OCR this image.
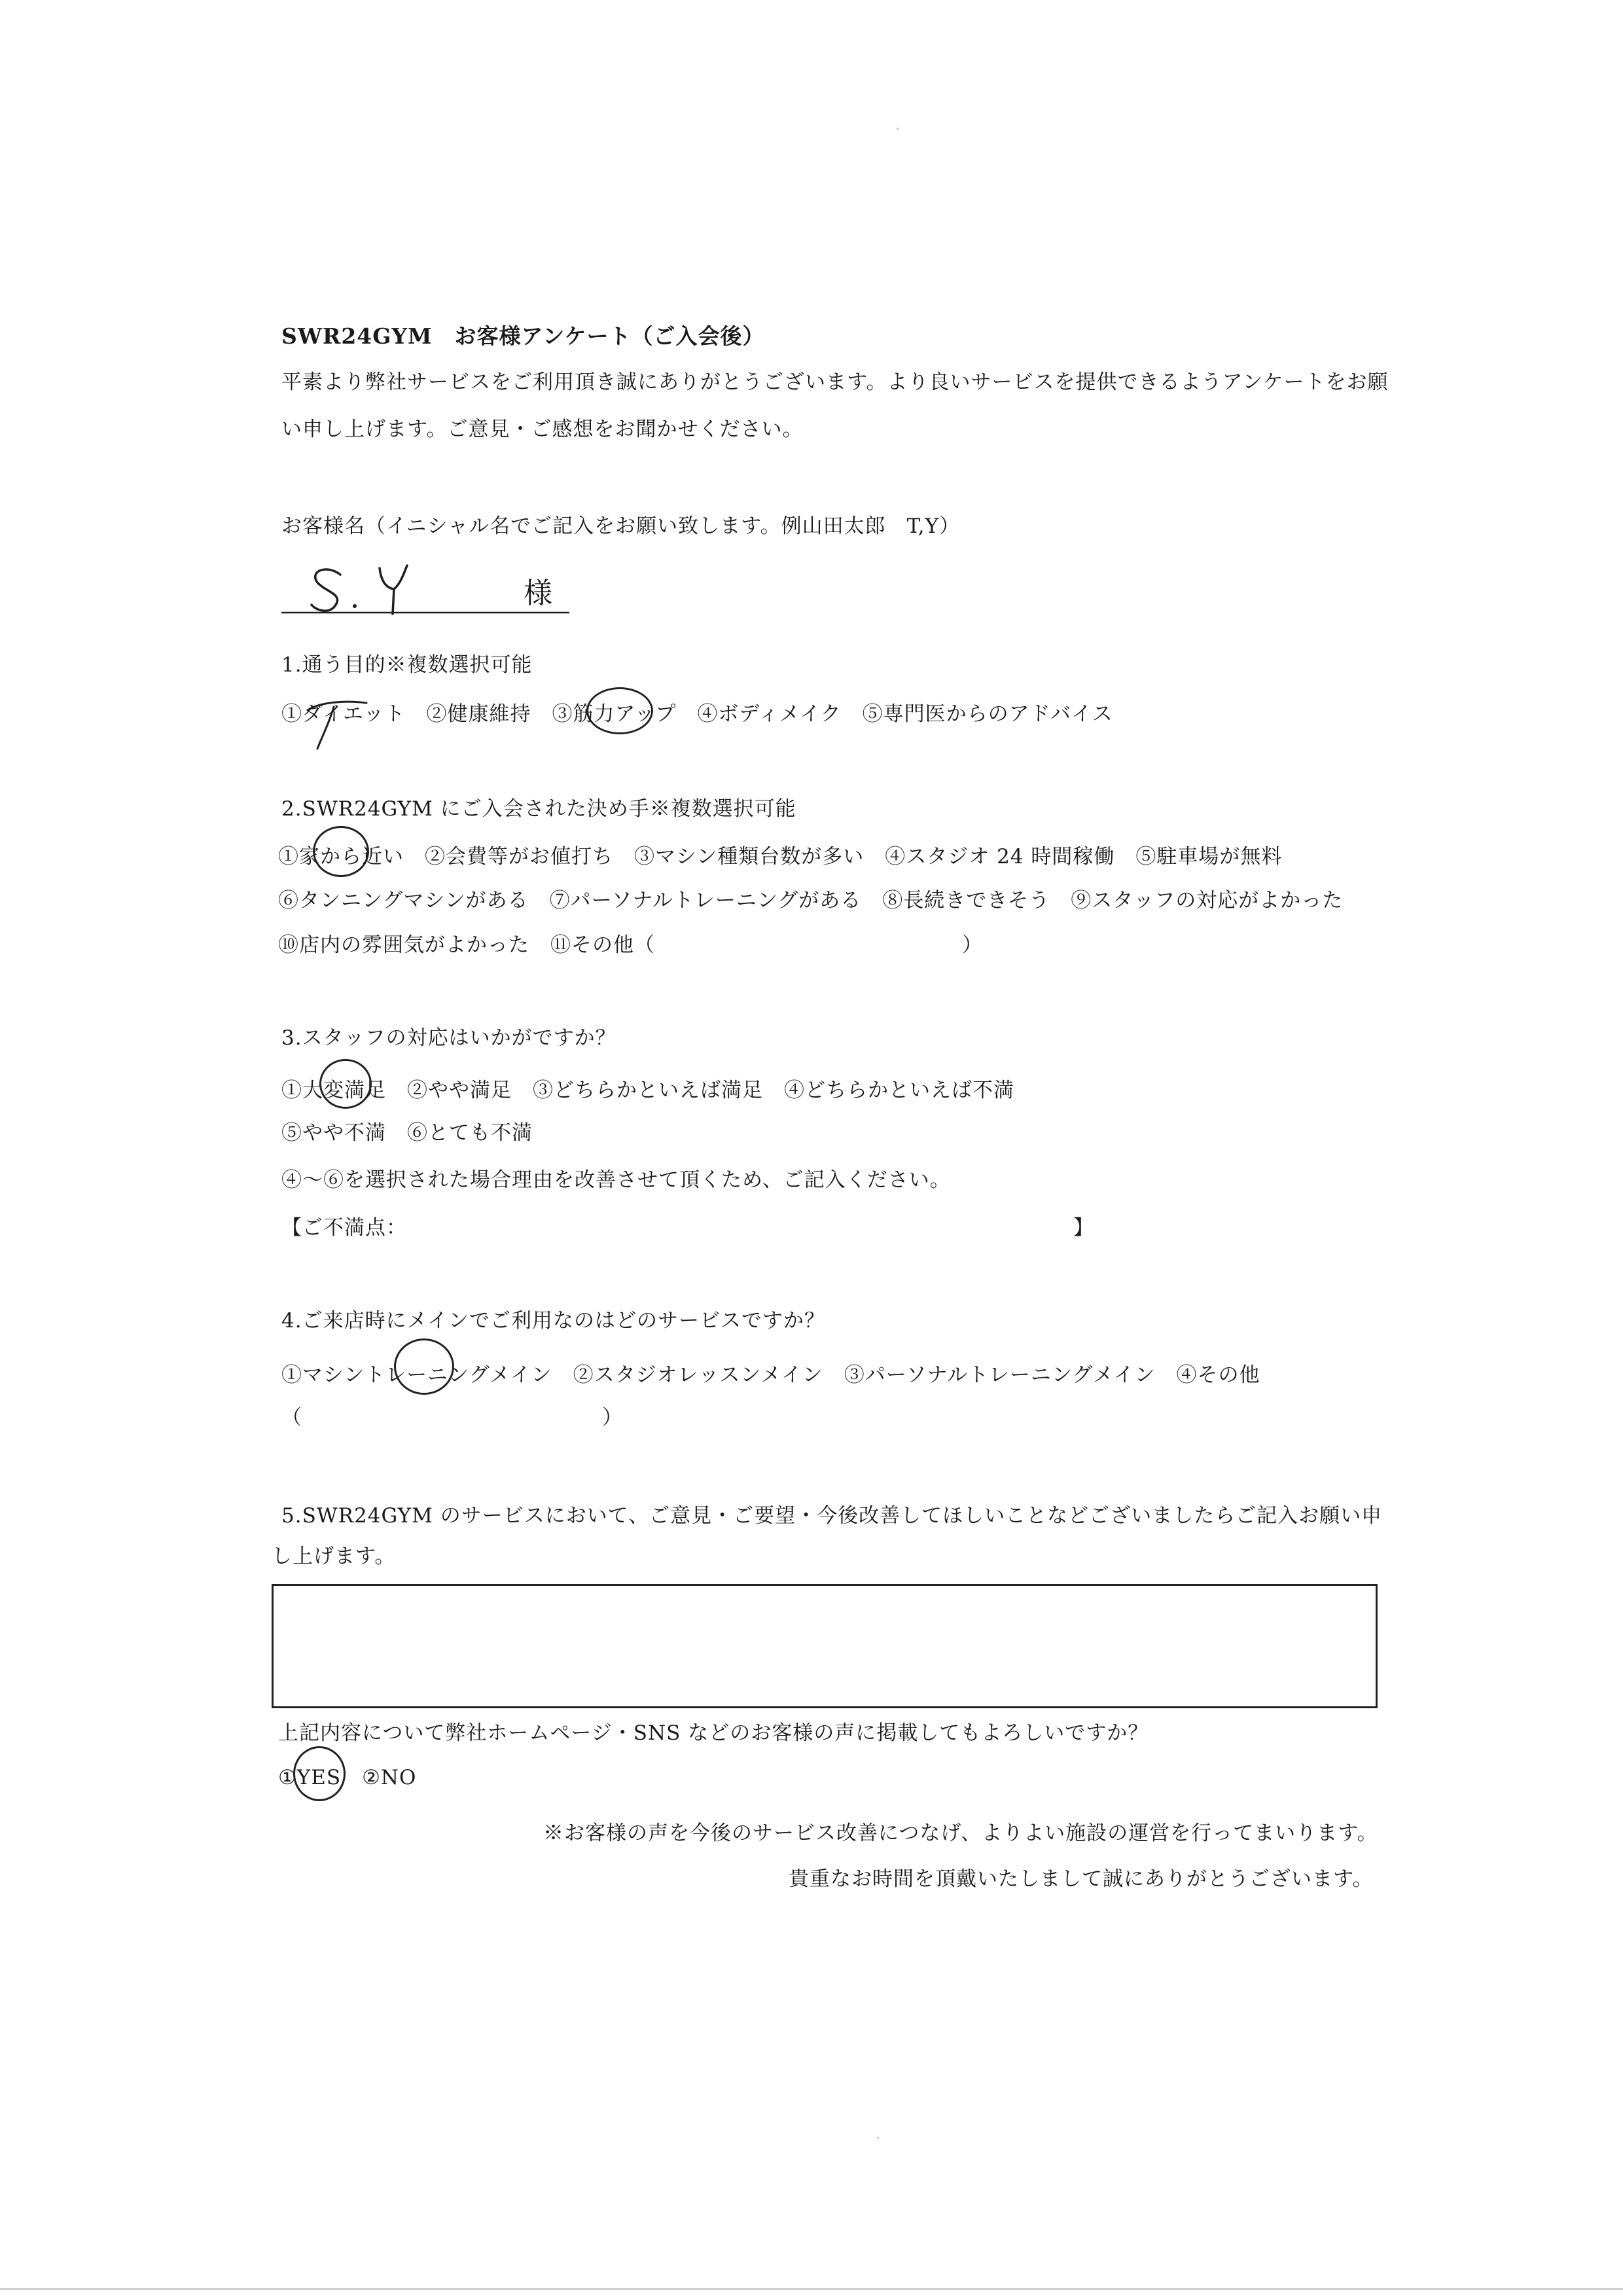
SWR24GYM　お客様アンケート（ご入会後）
平素より弊社サービスをご利用頂き誠にありがとうございます。より良いサービスを提供できるようアンケートをお願
い申し上げます。ご意見・ご感想をお聞かせください。
お客様名（イニシャル名でご記入をお願い致します。例山田太郎　T,Y）
様
1.通う目的※複数選択可能
①ダイエット　②健康維持　③筋力アップ　④ボディメイク　⑤専門医からのアドバイス
2.SWR24GYM にご入会された決め手※複数選択可能
①家から近い　②会費等がお値打ち　③マシン種類台数が多い　④スタジオ 24 時間稼働　⑤駐車場が無料
⑥タンニングマシンがある　⑦パーソナルトレーニングがある　⑧長続きできそう　⑨スタッフの対応がよかった
⑩店内の雰囲気がよかった　⑪その他（	）
3.スタッフの対応はいかがですか？
①大変満足　②やや満足　③どちらかといえば満足　④どちらかといえば不満
⑤やや不満　⑥とても不満
④～⑥を選択された場合理由を改善させて頂くため、ご記入ください。
【ご不満点：	】
4.ご来店時にメインでご利用なのはどのサービスですか？
①マシントレーニングメイン　②スタジオレッスンメイン　③パーソナルトレーニングメイン　④その他
（	）
5.SWR24GYM のサービスにおいて、ご意見・ご要望・今後改善してほしいことなどございましたらご記入お願い申
し上げます。
上記内容について弊社ホームページ・SNS などのお客様の声に掲載してもよろしいですか？
①YES　②NO
※お客様の声を今後のサービス改善につなげ、よりよい施設の運営を行ってまいります。
貴重なお時間を頂戴いたしまして誠にありがとうございます。
